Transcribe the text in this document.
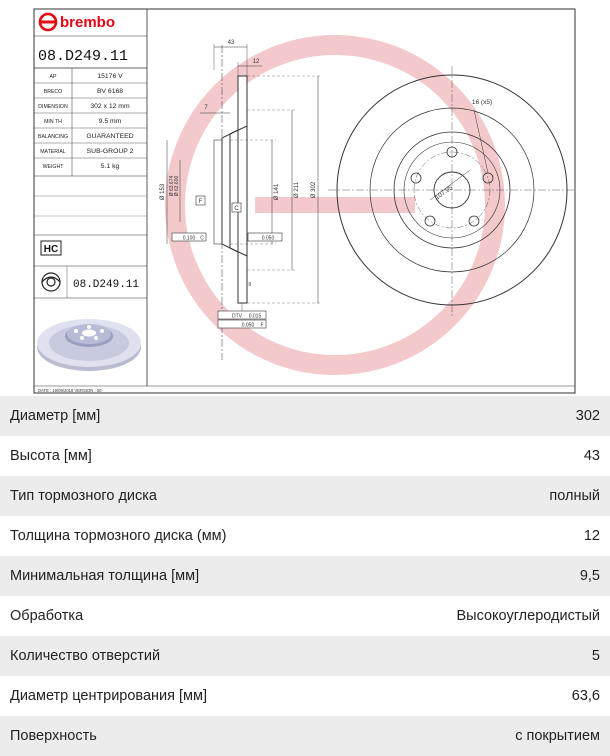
DATE : 19/09/2018 VERSION : 00
brembo
08.D249.11
AP	15176 V
BRECO	BV 6168
DIMENSION	302 x 12 mm
MIN TH	9.5 mm
BALANCING	GUARANTEED
MATERIAL	SUB-GROUP 2
WEIGHT	5.1 kg
HC
08.D249.11
43
12
7
Ø 153 Ø 63.674 Ø 63.600	Ø 141 Ø 211 Ø 302
F
C
0.100 C	0.050
DTV 0.015
0.050 F
xx
16 (x5)
107.95
Диаметр [мм]	302
Высота [мм]	43
Тип тормозного диска	полный
Толщина тормозного диска (мм)	12
Минимальная толщина [мм]	9,5
Обработка	Высокоуглеродистый
Количество отверстий	5
Диаметр центрирования [мм]	63,6
Поверхность	с покрытием
